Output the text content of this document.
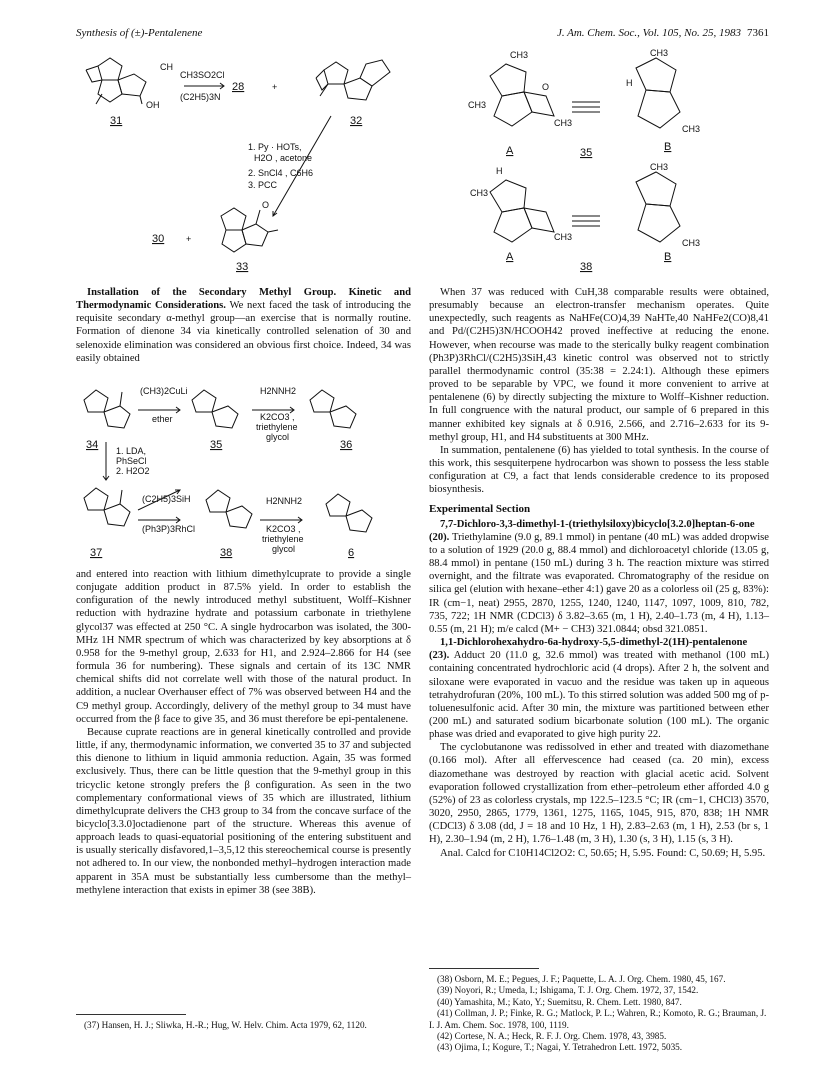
Synthesis of (±)-Pentalenene	J. Am. Chem. Soc., Vol. 105, No. 25, 1983 7361
CH
OH
CH3SO2Cl
(C2H5)3N
28	+
31	32
1. Py · HOTs,
H2O , acetone
2. SnCl4 , C6H6
3. PCC
O
30 +
33
CH3
CH3
O
CH3
CH3
H
CH3
A	B
35
H
CH3
CH3
CH3
CH3
A	B
38

Installation of the Secondary Methyl Group. Kinetic and Thermodynamic Considerations. We next faced the task of introducing the requisite secondary α-methyl group—an exercise that is normally routine. Formation of dienone 34 via kinetically controlled selenation of 30 and selenoxide elimination was considered an obvious first choice. Indeed, 34 was easily obtained

(CH3)2CuLi
ether
H2NNH2
K2CO3 ,
triethylene
glycol
34	35	36
1. LDA,
PhSeCl
2. H2O2
(C2H5)3SiH
(Ph3P)3RhCl
H2NNH2
K2CO3 ,
triethylene
glycol
37	38	6

and entered into reaction with lithium dimethylcuprate to provide a single conjugate addition product in 87.5% yield. In order to establish the configuration of the newly introduced methyl substituent, Wolff–Kishner reduction with hydrazine hydrate and potassium carbonate in triethylene glycol37 was effected at 250 °C. A single hydrocarbon was isolated, the 300-MHz 1H NMR spectrum of which was characterized by key absorptions at δ 0.958 for the 9-methyl group, 2.633 for H1, and 2.924–2.866 for H4 (see formula 36 for numbering). These signals and certain of its 13C NMR chemical shifts did not correlate well with those of the natural product. In addition, a nuclear Overhauser effect of 7% was observed between H4 and the C9 methyl group. Accordingly, delivery of the methyl group to 34 must have occurred from the β face to give 35, and 36 must therefore be epi-pentalenene.

Because cuprate reactions are in general kinetically controlled and provide little, if any, thermodynamic information, we converted 35 to 37 and subjected this dienone to lithium in liquid ammonia reduction. Again, 35 was formed exclusively. Thus, there can be little question that the 9-methyl group in this tricyclic ketone strongly prefers the β configuration. As seen in the two complementary conformational views of 35 which are illustrated, lithium dimethylcuprate delivers the CH3 group to 34 from the concave surface of the bicyclo[3.3.0]octadienone part of the structure. Whereas this avenue of approach leads to quasi-equatorial positioning of the entering substituent and is usually sterically disfavored,1–3,5,12 this stereochemical course is presently not adhered to. In our view, the nonbonded methyl–hydrogen interaction made apparent in 35A must be substantially less cumbersome than the methyl–methylene interaction that exists in epimer 38 (see 38B).

(37) Hansen, H. J.; Sliwka, H.-R.; Hug, W. Helv. Chim. Acta 1979, 62, 1120.

When 37 was reduced with CuH,38 comparable results were obtained, presumably because an electron-transfer mechanism operates. Quite unexpectedly, such reagents as NaHFe(CO)4,39 NaHTe,40 NaHFe2(CO)8,41 and Pd/(C2H5)3N/HCOOH42 proved ineffective at reducing the enone. However, when recourse was made to the sterically bulky reagent combination (Ph3P)3RhCl/(C2H5)3SiH,43 kinetic control was observed not to strictly parallel thermodynamic control (35:38 = 2.24:1). Although these epimers proved to be separable by VPC, we found it more convenient to arrive at pentalenene (6) by directly subjecting the mixture to Wolff–Kishner reduction. In full congruence with the natural product, our sample of 6 prepared in this manner exhibited key signals at δ 0.916, 2.566, and 2.716–2.633 for its 9-methyl group, H1, and H4 substituents at 300 MHz.

In summation, pentalenene (6) has yielded to total synthesis. In the course of this work, this sesquiterpene hydrocarbon was shown to possess the less stable configuration at C9, a fact that lends considerable credence to its proposed biosynthesis.

Experimental Section

7,7-Dichloro-3,3-dimethyl-1-(triethylsiloxy)bicyclo[3.2.0]heptan-6-one (20). Triethylamine (9.0 g, 89.1 mmol) in pentane (40 mL) was added dropwise to a solution of 1929 (20.0 g, 88.4 mmol) and dichloroacetyl chloride (13.05 g, 88.4 mmol) in pentane (150 mL) during 3 h. The reaction mixture was stirred overnight, and the filtrate was evaporated. Chromatography of the residue on silica gel (elution with hexane–ether 4:1) gave 20 as a colorless oil (25 g, 83%): IR (cm−1, neat) 2955, 2870, 1255, 1240, 1240, 1147, 1097, 1009, 810, 782, 735, 722; 1H NMR (CDCl3) δ 3.82–3.65 (m, 1 H), 2.40–1.73 (m, 4 H), 1.13–0.55 (m, 21 H); m/e calcd (M+ − CH3) 321.0844; obsd 321.0851.

1,1-Dichlorohexahydro-6a-hydroxy-5,5-dimethyl-2(1H)-pentalenone (23). Adduct 20 (11.0 g, 32.6 mmol) was treated with methanol (100 mL) containing concentrated hydrochloric acid (4 drops). After 2 h, the solvent and siloxane were evaporated in vacuo and the residue was taken up in aqueous tetrahydrofuran (20%, 100 mL). To this stirred solution was added 500 mg of p-toluenesulfonic acid. After 30 min, the mixture was partitioned between ether (200 mL) and saturated sodium bicarbonate solution (100 mL). The organic phase was dried and evaporated to give high purity 22.

The cyclobutanone was redissolved in ether and treated with diazomethane (0.166 mol). After all effervescence had ceased (ca. 20 min), excess diazomethane was destroyed by reaction with glacial acetic acid. Solvent evaporation followed crystallization from ether–petroleum ether afforded 4.0 g (52%) of 23 as colorless crystals, mp 122.5–123.5 °C; IR (cm−1, CHCl3) 3570, 3020, 2950, 2865, 1779, 1361, 1275, 1165, 1045, 915, 870, 838; 1H NMR (CDCl3) δ 3.08 (dd, J = 18 and 10 Hz, 1 H), 2.83–2.63 (m, 1 H), 2.53 (br s, 1 H), 2.30–1.94 (m, 2 H), 1.76–1.48 (m, 3 H), 1.30 (s, 3 H), 1.15 (s, 3 H).

Anal. Calcd for C10H14Cl2O2: C, 50.65; H, 5.95. Found: C, 50.69; H, 5.95.

(38) Osborn, M. E.; Pegues, J. F.; Paquette, L. A. J. Org. Chem. 1980, 45, 167.

(39) Noyori, R.; Umeda, I.; Ishigama, T. J. Org. Chem. 1972, 37, 1542.

(40) Yamashita, M.; Kato, Y.; Suemitsu, R. Chem. Lett. 1980, 847.

(41) Collman, J. P.; Finke, R. G.; Matlock, P. L.; Wahren, R.; Komoto, R. G.; Brauman, J. I. J. Am. Chem. Soc. 1978, 100, 1119.

(42) Cortese, N. A.; Heck, R. F. J. Org. Chem. 1978, 43, 3985.

(43) Ojima, I.; Kogure, T.; Nagai, Y. Tetrahedron Lett. 1972, 5035.
